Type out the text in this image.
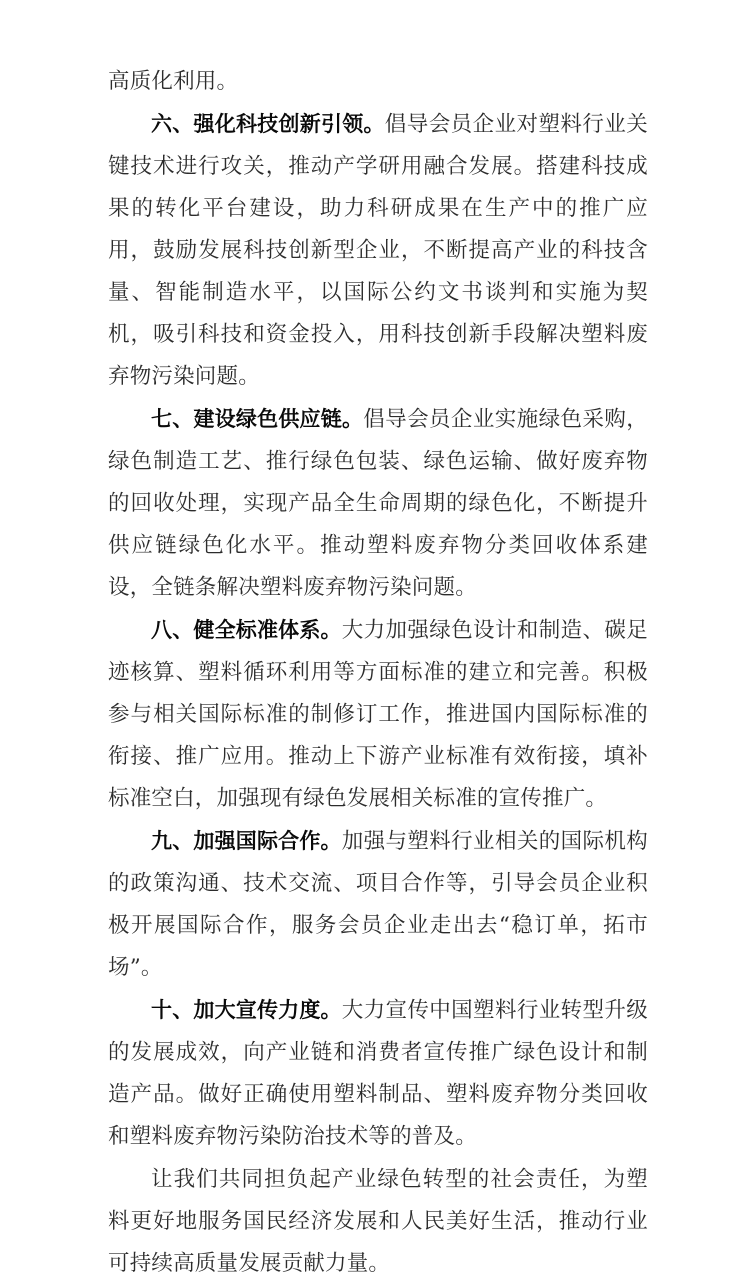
高质化利用。

六、强化科技创新引领。倡导会员企业对塑料行业关键技术进行攻关，推动产学研用融合发展。搭建科技成果的转化平台建设，助力科研成果在生产中的推广应用，鼓励发展科技创新型企业，不断提高产业的科技含量、智能制造水平，以国际公约文书谈判和实施为契机，吸引科技和资金投入，用科技创新手段解决塑料废弃物污染问题。

七、建设绿色供应链。倡导会员企业实施绿色采购，绿色制造工艺、推行绿色包装、绿色运输、做好废弃物的回收处理，实现产品全生命周期的绿色化，不断提升供应链绿色化水平。推动塑料废弃物分类回收体系建设，全链条解决塑料废弃物污染问题。

八、健全标准体系。大力加强绿色设计和制造、碳足迹核算、塑料循环利用等方面标准的建立和完善。积极参与相关国际标准的制修订工作，推进国内国际标准的衔接、推广应用。推动上下游产业标准有效衔接，填补标准空白，加强现有绿色发展相关标准的宣传推广。

九、加强国际合作。加强与塑料行业相关的国际机构的政策沟通、技术交流、项目合作等，引导会员企业积极开展国际合作，服务会员企业走出去“稳订单，拓市场”。

十、加大宣传力度。大力宣传中国塑料行业转型升级的发展成效，向产业链和消费者宣传推广绿色设计和制造产品。做好正确使用塑料制品、塑料废弃物分类回收和塑料废弃物污染防治技术等的普及。

让我们共同担负起产业绿色转型的社会责任，为塑料更好地服务国民经济发展和人民美好生活，推动行业可持续高质量发展贡献力量。
